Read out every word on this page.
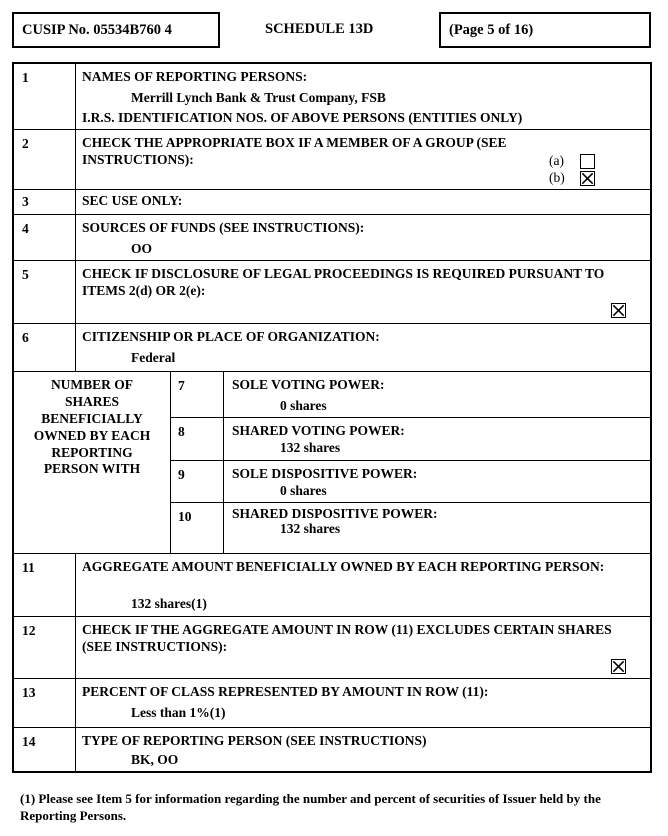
CUSIP No. 05534B760 4	SCHEDULE 13D	(Page 5 of 16)
1	NAMES OF REPORTING PERSONS:
Merrill Lynch Bank & Trust Company, FSB
I.R.S. IDENTIFICATION NOS. OF ABOVE PERSONS (ENTITIES ONLY)
2	CHECK THE APPROPRIATE BOX IF A MEMBER OF A GROUP (SEE INSTRUCTIONS):	(a)
(b)
3	SEC USE ONLY:
4	SOURCES OF FUNDS (SEE INSTRUCTIONS):
OO
5	CHECK IF DISCLOSURE OF LEGAL PROCEEDINGS IS REQUIRED PURSUANT TO ITEMS 2(d) OR 2(e):
6	CITIZENSHIP OR PLACE OF ORGANIZATION:
Federal
NUMBER OF SHARES BENEFICIALLY OWNED BY EACH REPORTING PERSON WITH
7	SOLE VOTING POWER:
0 shares
8	SHARED VOTING POWER:
132 shares
9	SOLE DISPOSITIVE POWER:
0 shares
10	SHARED DISPOSITIVE POWER:
132 shares
11	AGGREGATE AMOUNT BENEFICIALLY OWNED BY EACH REPORTING PERSON:
132 shares(1)
12	CHECK IF THE AGGREGATE AMOUNT IN ROW (11) EXCLUDES CERTAIN SHARES (SEE INSTRUCTIONS):
13	PERCENT OF CLASS REPRESENTED BY AMOUNT IN ROW (11):
Less than 1%(1)
14	TYPE OF REPORTING PERSON (SEE INSTRUCTIONS)
BK, OO
(1) Please see Item 5 for information regarding the number and percent of securities of Issuer held by the Reporting Persons.
